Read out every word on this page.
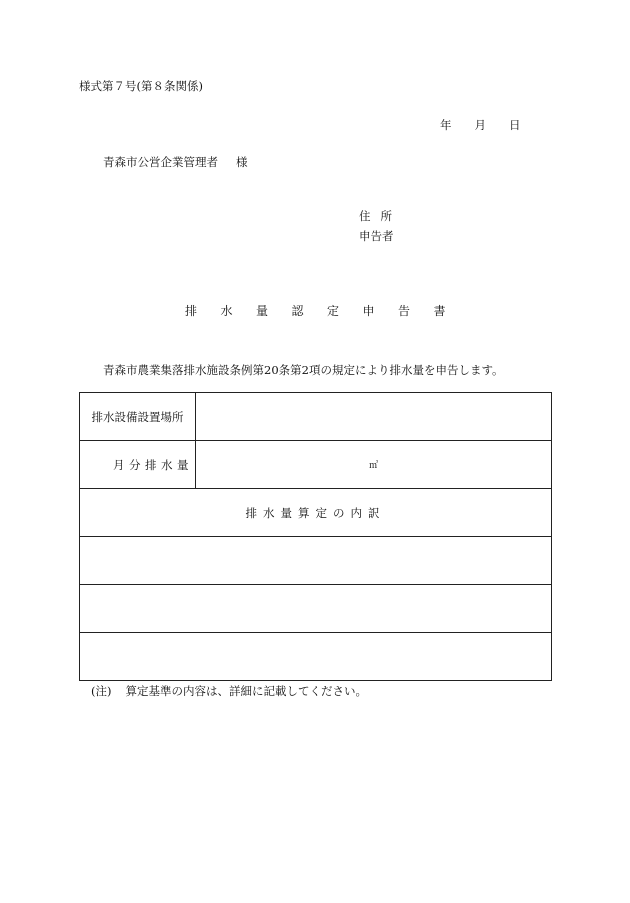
様式第７号(第８条関係)
年 月 日
青森市公営企業管理者 様
住 所
申告者
排水量認定申告書
青森市農業集落排水施設条例第20条第2項の規定により排水量を申告します。
排水設備設置場所	
月分排水量	㎥
排水量算定の内訳	

(注) 算定基準の内容は、詳細に記載してください。
